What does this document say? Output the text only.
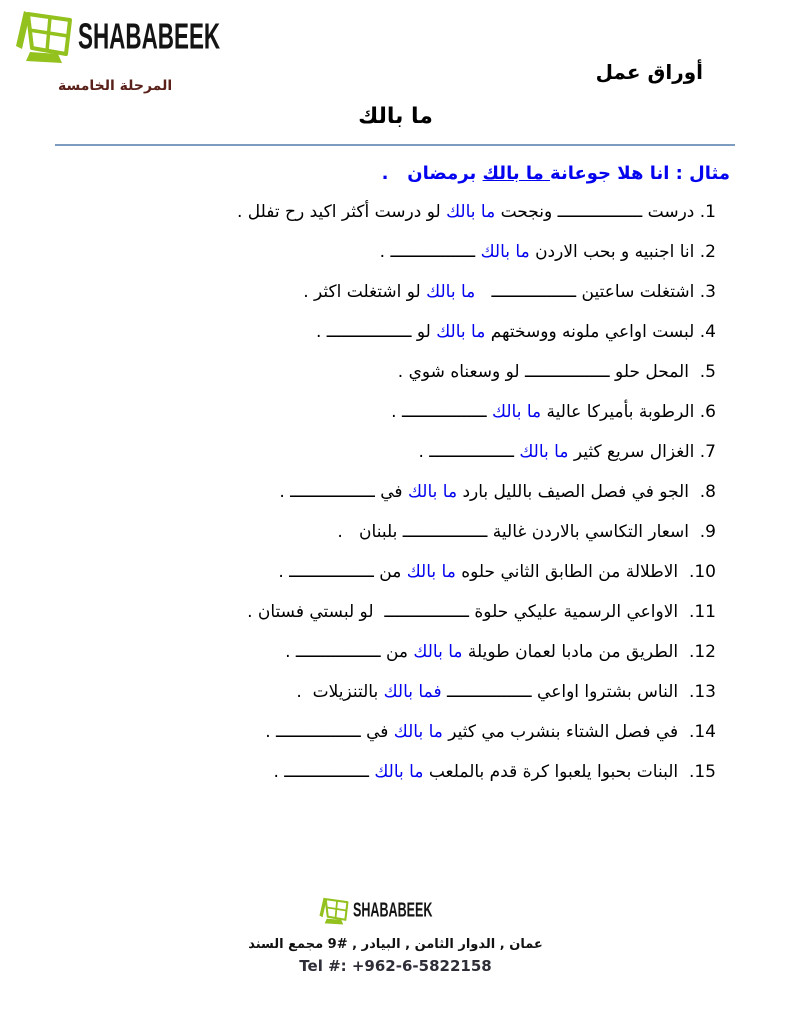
SHABABEEK
المرحلة الخامسة
أوراق عمل
ما بالك
مثال : انا هلا جوعانة ما بالك برمضان   .
1. درست ـــــــــــــــــ ونجحت ما بالك لو درست أكثر اكيد رح تفلل .
2. انا اجنبيه و بحب الاردن ما بالك ـــــــــــــــــ .
3. اشتغلت ساعتين ـــــــــــــــــ   ما بالك لو اشتغلت اكثر .
4. لبست اواعي ملونه ووسختهم ما بالك لو ـــــــــــــــــ .
5.  المحل حلو ـــــــــــــــــ لو وسعناه شوي .
6. الرطوبة بأميركا عالية ما بالك ـــــــــــــــــ .
7. الغزال سريع كثير ما بالك ـــــــــــــــــ .
8.  الجو في فصل الصيف بالليل بارد ما بالك في ـــــــــــــــــ .
9.  اسعار التكاسي بالاردن غالية ـــــــــــــــــ بلبنان   .
10.  الاطلالة من الطابق الثاني حلوه ما بالك من ـــــــــــــــــ .
11.  الاواعي الرسمية عليكي حلوة ـــــــــــــــــ  لو لبستي فستان .
12.  الطريق من مادبا لعمان طويلة ما بالك من ـــــــــــــــــ .
13.  الناس بشتروا اواعي ـــــــــــــــــ فما بالك بالتنزيلات  .
14.  في فصل الشتاء بنشرب مي كثير ما بالك في ـــــــــــــــــ .
15.  البنات بحبوا يلعبوا كرة قدم بالملعب ما بالك ـــــــــــــــــ .
SHABABEEK
عمان , الدوار الثامن , البيادر , #9 مجمع السند
Tel #: +962-6-5822158
